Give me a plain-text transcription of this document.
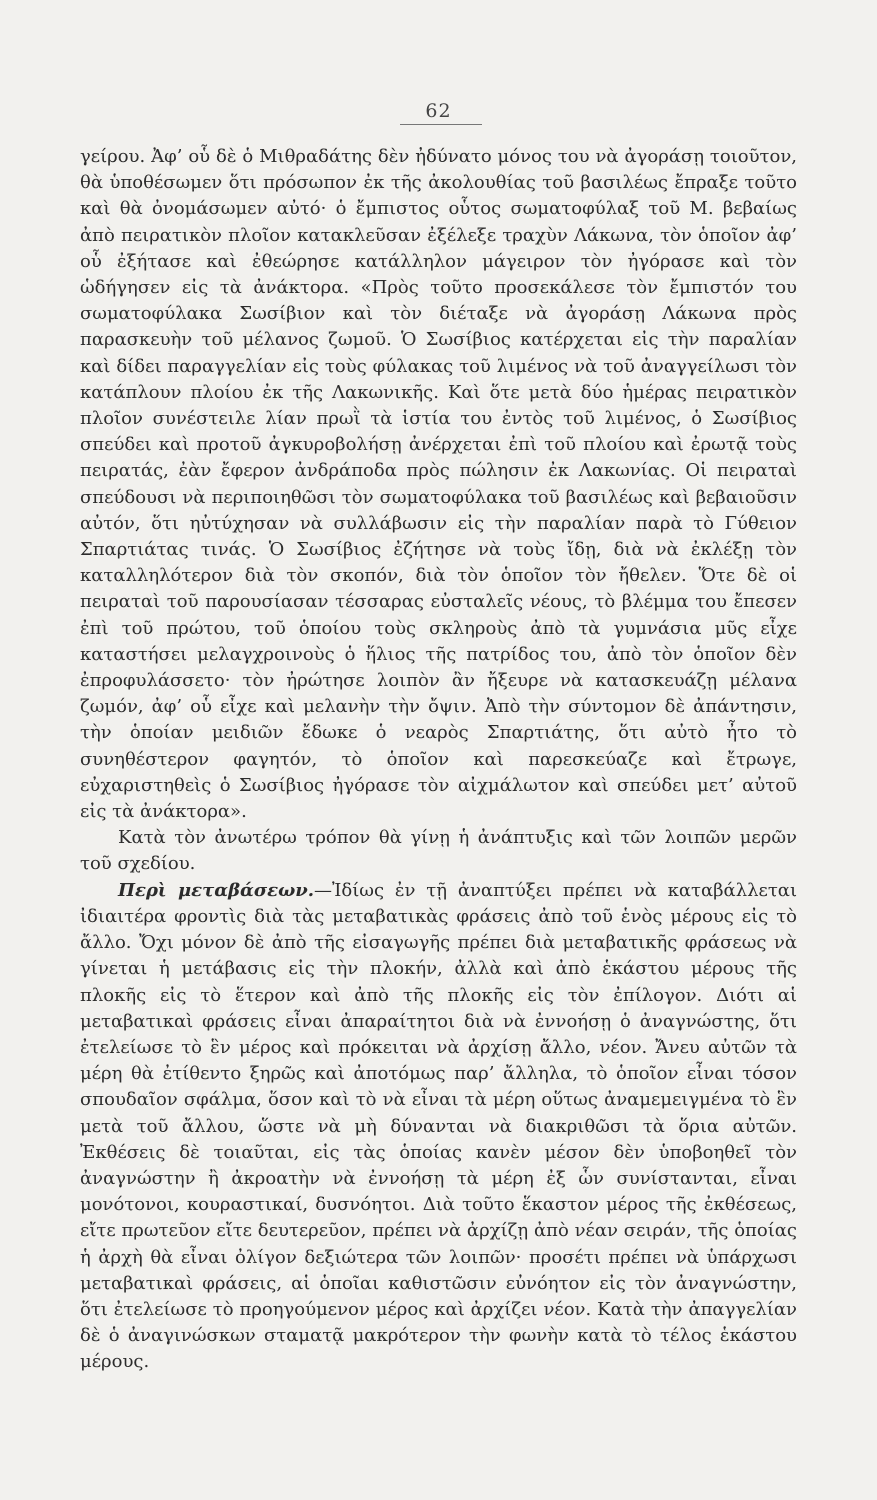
62

γείρου. Ἀφ’ οὗ δὲ ὁ Μιθραδάτης δὲν ἠδύνατο μόνος του νὰ ἀγοράσῃ τοιοῦτον, θὰ ὑποθέσωμεν ὅτι πρόσωπον ἐκ τῆς ἀκολουθίας τοῦ βασιλέως ἔπραξε τοῦτο καὶ θὰ ὀνομάσωμεν αὐτό· ὁ ἔμπιστος οὗτος σωματοφύλαξ τοῦ Μ. βεβαίως ἀπὸ πειρατικὸν πλοῖον κατακλεῦσαν ἐξέλεξε τραχὺν Λάκωνα, τὸν ὁποῖον ἀφ’ οὗ ἐξήτασε καὶ ἐθεώρησε κατάλληλον μάγειρον τὸν ἠγόρασε καὶ τὸν ὡδήγησεν εἰς τὰ ἀνάκτορα. «Πρὸς τοῦτο προσεκάλεσε τὸν ἔμπιστόν του σωματοφύλακα Σωσίβιον καὶ τὸν διέταξε νὰ ἀγοράσῃ Λάκωνα πρὸς παρασκευὴν τοῦ μέλανος ζωμοῦ. Ὁ Σωσίβιος κατέρχεται εἰς τὴν παραλίαν καὶ δίδει παραγγελίαν εἰς τοὺς φύλακας τοῦ λιμένος νὰ τοῦ ἀναγγείλωσι τὸν κατάπλουν πλοίου ἐκ τῆς Λακωνικῆς. Καὶ ὅτε μετὰ δύο ἡμέρας πειρατικὸν πλοῖον συνέστειλε λίαν πρωῒ τὰ ἱστία του ἐντὸς τοῦ λιμένος, ὁ Σωσίβιος σπεύδει καὶ προτοῦ ἀγκυροβολήσῃ ἀνέρχεται ἐπὶ τοῦ πλοίου καὶ ἐρωτᾷ τοὺς πειρατάς, ἐὰν ἔφερον ἀνδράποδα πρὸς πώλησιν ἐκ Λακωνίας. Οἱ πειραταὶ σπεύδουσι νὰ περιποιηθῶσι τὸν σωματοφύλακα τοῦ βασιλέως καὶ βεβαιοῦσιν αὐτόν, ὅτι ηὐτύχησαν νὰ συλλάβωσιν εἰς τὴν παραλίαν παρὰ τὸ Γύθειον Σπαρτιάτας τινάς. Ὁ Σωσίβιος ἐζήτησε νὰ τοὺς ἴδῃ, διὰ νὰ ἐκλέξῃ τὸν καταλληλότερον διὰ τὸν σκοπόν, διὰ τὸν ὁποῖον τὸν ἤθελεν. Ὅτε δὲ οἱ πειραταὶ τοῦ παρουσίασαν τέσσαρας εὐσταλεῖς νέους, τὸ βλέμμα του ἔπεσεν ἐπὶ τοῦ πρώτου, τοῦ ὁποίου τοὺς σκληροὺς ἀπὸ τὰ γυμνάσια μῦς εἶχε καταστήσει μελαγχροινοὺς ὁ ἥλιος τῆς πατρίδος του, ἀπὸ τὸν ὁποῖον δὲν ἐπροφυλάσσετο· τὸν ἠρώτησε λοιπὸν ἂν ἤξευρε νὰ κατασκευάζῃ μέλανα ζωμόν, ἀφ’ οὗ εἶχε καὶ μελανὴν τὴν ὄψιν. Ἀπὸ τὴν σύντομον δὲ ἀπάντησιν, τὴν ὁποίαν μειδιῶν ἔδωκε ὁ νεαρὸς Σπαρτιάτης, ὅτι αὐτὸ ἦτο τὸ συνηθέστερον φαγητόν, τὸ ὁποῖον καὶ παρεσκεύαζε καὶ ἔτρωγε, εὐχαριστηθεὶς ὁ Σωσίβιος ἠγόρασε τὸν αἰχμάλωτον καὶ σπεύδει μετ’ αὐτοῦ εἰς τὰ ἀνάκτορα».

Κατὰ τὸν ἀνωτέρω τρόπον θὰ γίνῃ ἡ ἀνάπτυξις καὶ τῶν λοιπῶν μερῶν τοῦ σχεδίου.

Περὶ μεταβάσεων.—Ἰδίως ἐν τῇ ἀναπτύξει πρέπει νὰ καταβάλλεται ἰδιαιτέρα φροντὶς διὰ τὰς μεταβατικὰς φράσεις ἀπὸ τοῦ ἑνὸς μέρους εἰς τὸ ἄλλο. Ὄχι μόνον δὲ ἀπὸ τῆς εἰσαγωγῆς πρέπει διὰ μεταβατικῆς φράσεως νὰ γίνεται ἡ μετάβασις εἰς τὴν πλοκήν, ἀλλὰ καὶ ἀπὸ ἑκάστου μέρους τῆς πλοκῆς εἰς τὸ ἕτερον καὶ ἀπὸ τῆς πλοκῆς εἰς τὸν ἐπίλογον. Διότι αἱ μεταβατικαὶ φράσεις εἶναι ἀπαραίτητοι διὰ νὰ ἐννοήσῃ ὁ ἀναγνώστης, ὅτι ἐτελείωσε τὸ ἓν μέρος καὶ πρόκειται νὰ ἀρχίσῃ ἄλλο, νέον. Ἄνευ αὐτῶν τὰ μέρη θὰ ἐτίθεντο ξηρῶς καὶ ἀποτόμως παρ’ ἄλληλα, τὸ ὁποῖον εἶναι τόσον σπουδαῖον σφάλμα, ὅσον καὶ τὸ νὰ εἶναι τὰ μέρη οὕτως ἀναμεμειγμένα τὸ ἓν μετὰ τοῦ ἄλλου, ὥστε νὰ μὴ δύνανται νὰ διακριθῶσι τὰ ὅρια αὐτῶν. Ἐκθέσεις δὲ τοιαῦται, εἰς τὰς ὁποίας κανὲν μέσον δὲν ὑποβοηθεῖ τὸν ἀναγνώστην ἢ ἀκροατὴν νὰ ἐννοήσῃ τὰ μέρη ἐξ ὧν συνίστανται, εἶναι μονότονοι, κουραστικαί, δυσνόητοι. Διὰ τοῦτο ἕκαστον μέρος τῆς ἐκθέσεως, εἴτε πρωτεῦον εἴτε δευτερεῦον, πρέπει νὰ ἀρχίζῃ ἀπὸ νέαν σειράν, τῆς ὁποίας ἡ ἀρχὴ θὰ εἶναι ὀλίγον δεξιώτερα τῶν λοιπῶν· προσέτι πρέπει νὰ ὑπάρχωσι μεταβατικαὶ φράσεις, αἱ ὁποῖαι καθιστῶσιν εὐνόητον εἰς τὸν ἀναγνώστην, ὅτι ἐτελείωσε τὸ προηγούμενον μέρος καὶ ἀρχίζει νέον. Κατὰ τὴν ἀπαγγελίαν δὲ ὁ ἀναγινώσκων σταματᾷ μακρότερον τὴν φωνὴν κατὰ τὸ τέλος ἑκάστου μέρους.
